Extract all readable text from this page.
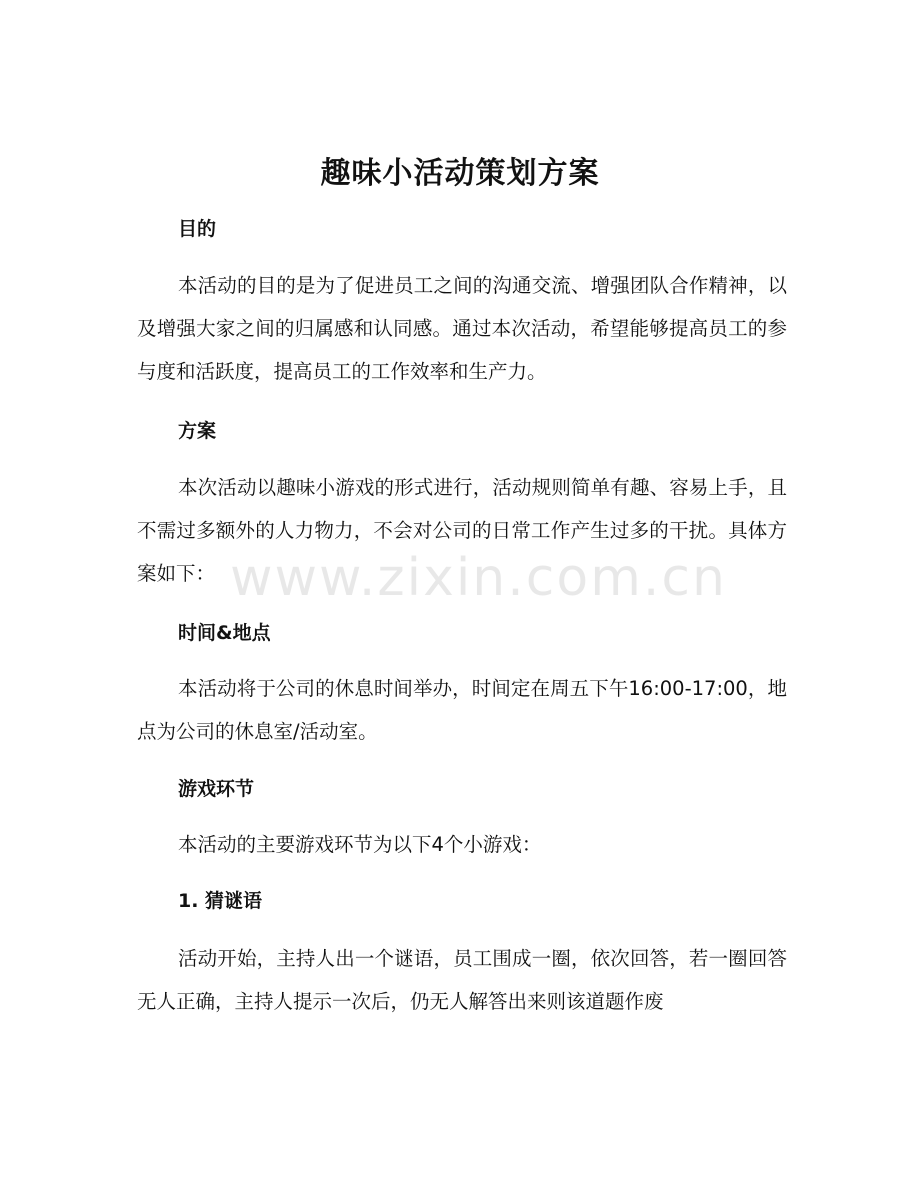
趣味小活动策划方案
目的
本活动的目的是为了促进员工之间的沟通交流、增强团队合作精神，以及增强大家之间的归属感和认同感。通过本次活动，希望能够提高员工的参与度和活跃度，提高员工的工作效率和生产力。
方案
本次活动以趣味小游戏的形式进行，活动规则简单有趣、容易上手，且不需过多额外的人力物力，不会对公司的日常工作产生过多的干扰。具体方案如下：
时间&地点
本活动将于公司的休息时间举办，时间定在周五下午16:00-17:00，地点为公司的休息室/活动室。
游戏环节
本活动的主要游戏环节为以下4个小游戏：
1. 猜谜语
活动开始，主持人出一个谜语，员工围成一圈，依次回答，若一圈回答无人正确，主持人提示一次后，仍无人解答出来则该道题作废
www.zixin.com.cn
